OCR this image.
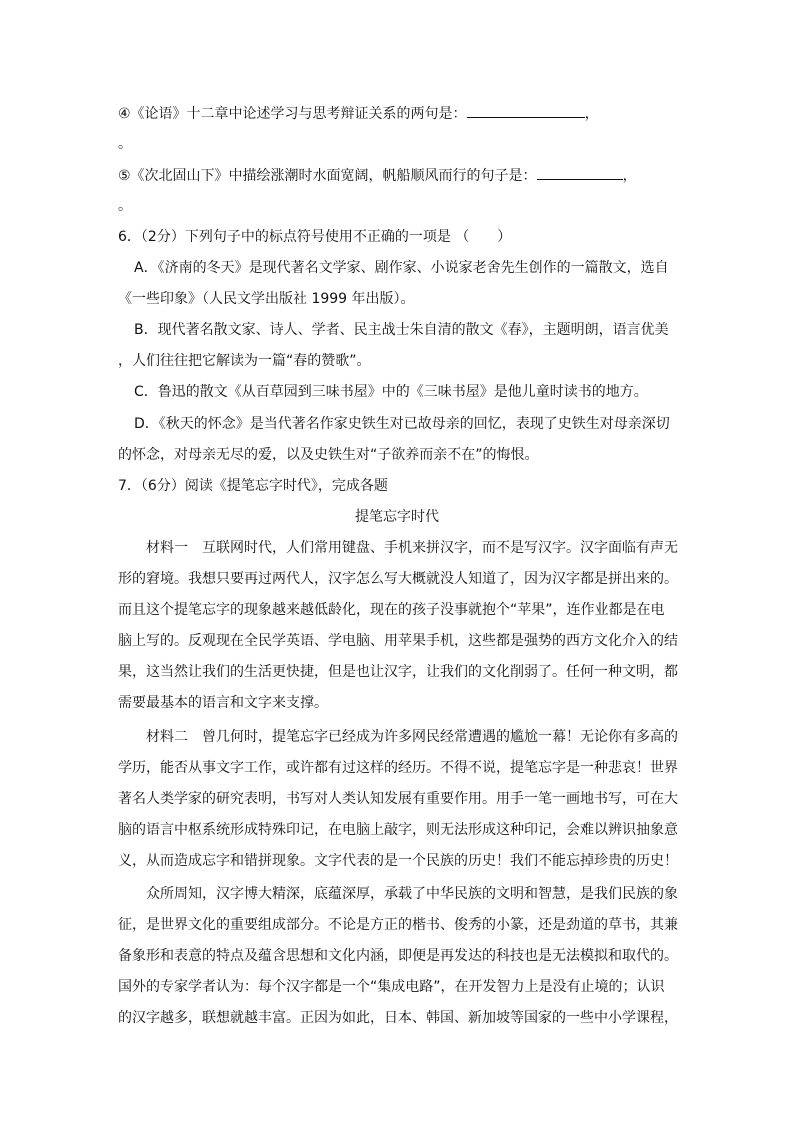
④《论语》十二章中论述学习与思考辩证关系的两句是：	，
。
⑤《次北固山下》中描绘涨潮时水面宽阔，帆船顺风而行的句子是：	，
。
6．（2分）下列句子中的标点符号使用不正确的一项是 （　　）
A．《济南的冬天》是现代著名文学家、剧作家、小说家老舍先生创作的一篇散文，选自
《一些印象》（人民文学出版社 1999 年出版）。
B．现代著名散文家、诗人、学者、民主战士朱自清的散文《春》，主题明朗，语言优美
，人们往往把它解读为一篇“春的赞歌”。
C．鲁迅的散文《从百草园到三味书屋》中的《三味书屋》是他儿童时读书的地方。
D．《秋天的怀念》是当代著名作家史铁生对已故母亲的回忆，表现了史铁生对母亲深切
的怀念，对母亲无尽的爱，以及史铁生对“子欲养而亲不在”的悔恨。
7．（6分）阅读《提笔忘字时代》，完成各题
提笔忘字时代
材料一　互联网时代，人们常用键盘、手机来拼汉字，而不是写汉字。汉字面临有声无
形的窘境。我想只要再过两代人，汉字怎么写大概就没人知道了，因为汉字都是拼出来的。
而且这个提笔忘字的现象越来越低龄化，现在的孩子没事就抱个“苹果”，连作业都是在电
脑上写的。反观现在全民学英语、学电脑、用苹果手机，这些都是强势的西方文化介入的结
果，这当然让我们的生活更快捷，但是也让汉字，让我们的文化削弱了。任何一种文明，都
需要最基本的语言和文字来支撑。
材料二　曾几何时，提笔忘字已经成为许多网民经常遭遇的尴尬一幕！无论你有多高的
学历，能否从事文字工作，或许都有过这样的经历。不得不说，提笔忘字是一种悲哀！世界
著名人类学家的研究表明，书写对人类认知发展有重要作用。用手一笔一画地书写，可在大
脑的语言中枢系统形成特殊印记，在电脑上敲字，则无法形成这种印记，会难以辨识抽象意
义，从而造成忘字和错拼现象。文字代表的是一个民族的历史！我们不能忘掉珍贵的历史！
众所周知，汉字博大精深，底蕴深厚，承载了中华民族的文明和智慧，是我们民族的象
征，是世界文化的重要组成部分。不论是方正的楷书、俊秀的小篆，还是劲道的草书，其兼
备象形和表意的特点及蕴含思想和文化内涵，即便是再发达的科技也是无法模拟和取代的。
国外的专家学者认为：每个汉字都是一个“集成电路”，在开发智力上是没有止境的；认识
的汉字越多，联想就越丰富。正因为如此，日本、韩国、新加坡等国家的一些中小学课程，
